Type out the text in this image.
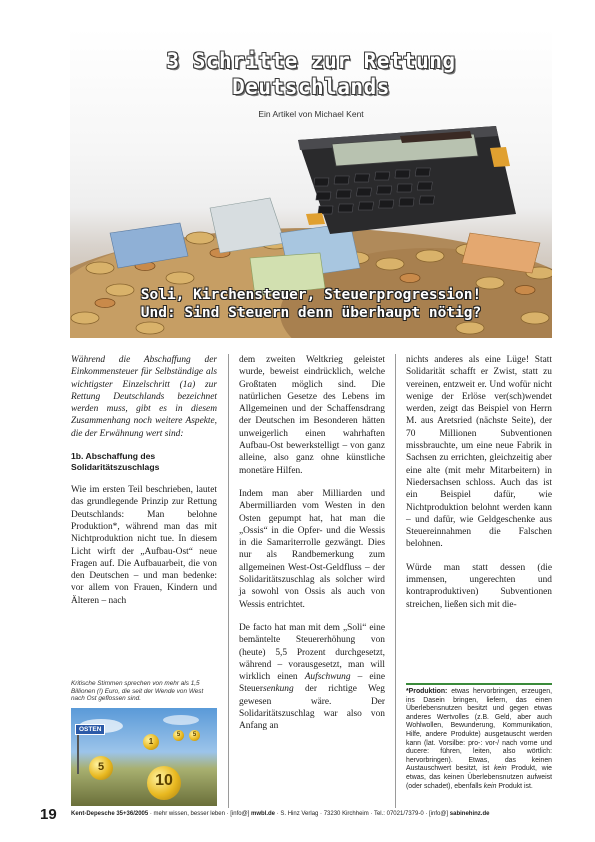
3 Schritte zur Rettung
Deutschlands
Ein Artikel von Michael Kent
Soli, Kirchensteuer, Steuerprogression!
Und: Sind Steuern denn überhaupt nötig?

Während die Abschaffung der Einkommensteuer für Selbständige als wichtigster Einzelschritt (1a) zur Rettung Deutschlands bezeichnet werden muss, gibt es in diesem Zusammenhang noch weitere Aspekte, die der Erwähnung wert sind:

1b. Abschaffung des
Solidaritätszuschlags

Wie im ersten Teil beschrieben, lautet das grundlegende Prinzip zur Rettung Deutschlands: Man belohne Produktion*, während man das mit Nichtproduktion nicht tue. In diesem Licht wirft der „Aufbau-Ost“ neue Fragen auf. Die Aufbauarbeit, die von den Deutschen – und man bedenke: vor allem von Frauen, Kindern und Älteren – nach

Kritische Stimmen sprechen von mehr als 1,5 Billionen (!) Euro, die seit der Wende von West nach Ost geflossen sind.
OSTEN
5
1
5	5
10

dem zweiten Weltkrieg geleistet wurde, beweist eindrücklich, welche Großtaten möglich sind. Die natürlichen Gesetze des Lebens im Allgemeinen und der Schaffensdrang der Deutschen im Besonderen hätten unweigerlich einen wahrhaften Aufbau-Ost bewerkstelligt – von ganz alleine, also ganz ohne künstliche monetäre Hilfen.

Indem man aber Milliarden und Abermilliarden vom Westen in den Osten gepumpt hat, hat man die „Ossis“ in die Opfer- und die Wessis in die Samariterrolle gezwängt. Dies nur als Randbemerkung zum allgemeinen West-Ost-Geldfluss – der Solidaritätszuschlag als solcher wird ja sowohl von Ossis als auch von Wessis entrichtet.

De facto hat man mit dem „Soli“ eine bemäntelte Steuererhöhung von (heute) 5,5 Prozent durchgesetzt, während – vorausgesetzt, man will wirklich einen Aufschwung – eine Steuersenkung der richtige Weg gewesen wäre. Der Solidaritätszuschlag war also von Anfang an

nichts anderes als eine Lüge! Statt Solidarität schafft er Zwist, statt zu vereinen, entzweit er. Und wofür nicht wenige der Erlöse ver(sch)wendet werden, zeigt das Beispiel von Herrn M. aus Aretsried (nächste Seite), der 70 Millionen Subventionen missbrauchte, um eine neue Fabrik in Sachsen zu errichten, gleichzeitig aber eine alte (mit mehr Mitarbeitern) in Niedersachsen schloss. Auch das ist ein Beispiel dafür, wie Nichtproduktion belohnt werden kann – und dafür, wie Geldgeschenke aus Steuereinnahmen die Falschen belohnen.

Würde man statt dessen (die immensen, ungerechten und kontraproduktiven) Subventionen streichen, ließen sich mit die-

*Produktion: etwas hervorbringen, erzeugen, ins Dasein bringen, liefern, das einen Überlebensnutzen besitzt und gegen etwas anderes Wertvolles (z.B. Geld, aber auch Wohlwollen, Bewunderung, Kommunikation, Hilfe, andere Produkte) ausgetauscht werden kann (lat. Vorsilbe: pro-: vor-/ nach vorne und ducere: führen, leiten, also wörtlich: hervorbringen). Etwas, das keinen Austauschwert besitzt, ist kein Produkt, wie etwas, das keinen Überlebensnutzen aufweist (oder schadet), ebenfalls kein Produkt ist.
19 Kent-Depesche 35+36/2005 · mehr wissen, besser leben · [info@] mwbl.de · S. Hinz Verlag · 73230 Kirchheim · Tel.: 07021/7379-0 · [info@] sabinehinz.de
